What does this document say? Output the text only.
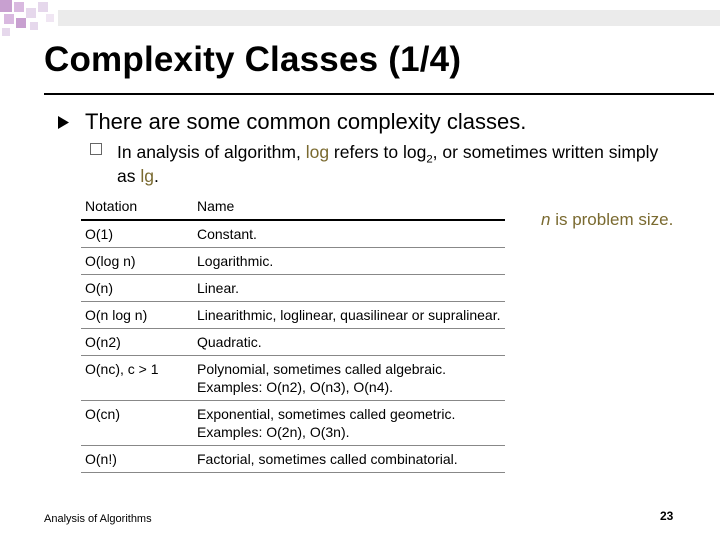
Complexity Classes (1/4)
There are some common complexity classes.
In analysis of algorithm, log refers to $\log_2$, or sometimes written simply as lg.
n is problem size.
Notation	Name
O(1)	Constant.
O(log n)	Logarithmic.
O(n)	Linear.
O(n log n)	Linearithmic, loglinear, quasilinear or supralinear.
O(n2)	Quadratic.
O(nc), c > 1	Polynomial, sometimes called algebraic.
Examples: O(n2), O(n3), O(n4).

O(cn)	Exponential, sometimes called geometric.
Examples: O(2n), O(3n).

O(n!)	Factorial, sometimes called combinatorial.
Analysis of Algorithms	23
